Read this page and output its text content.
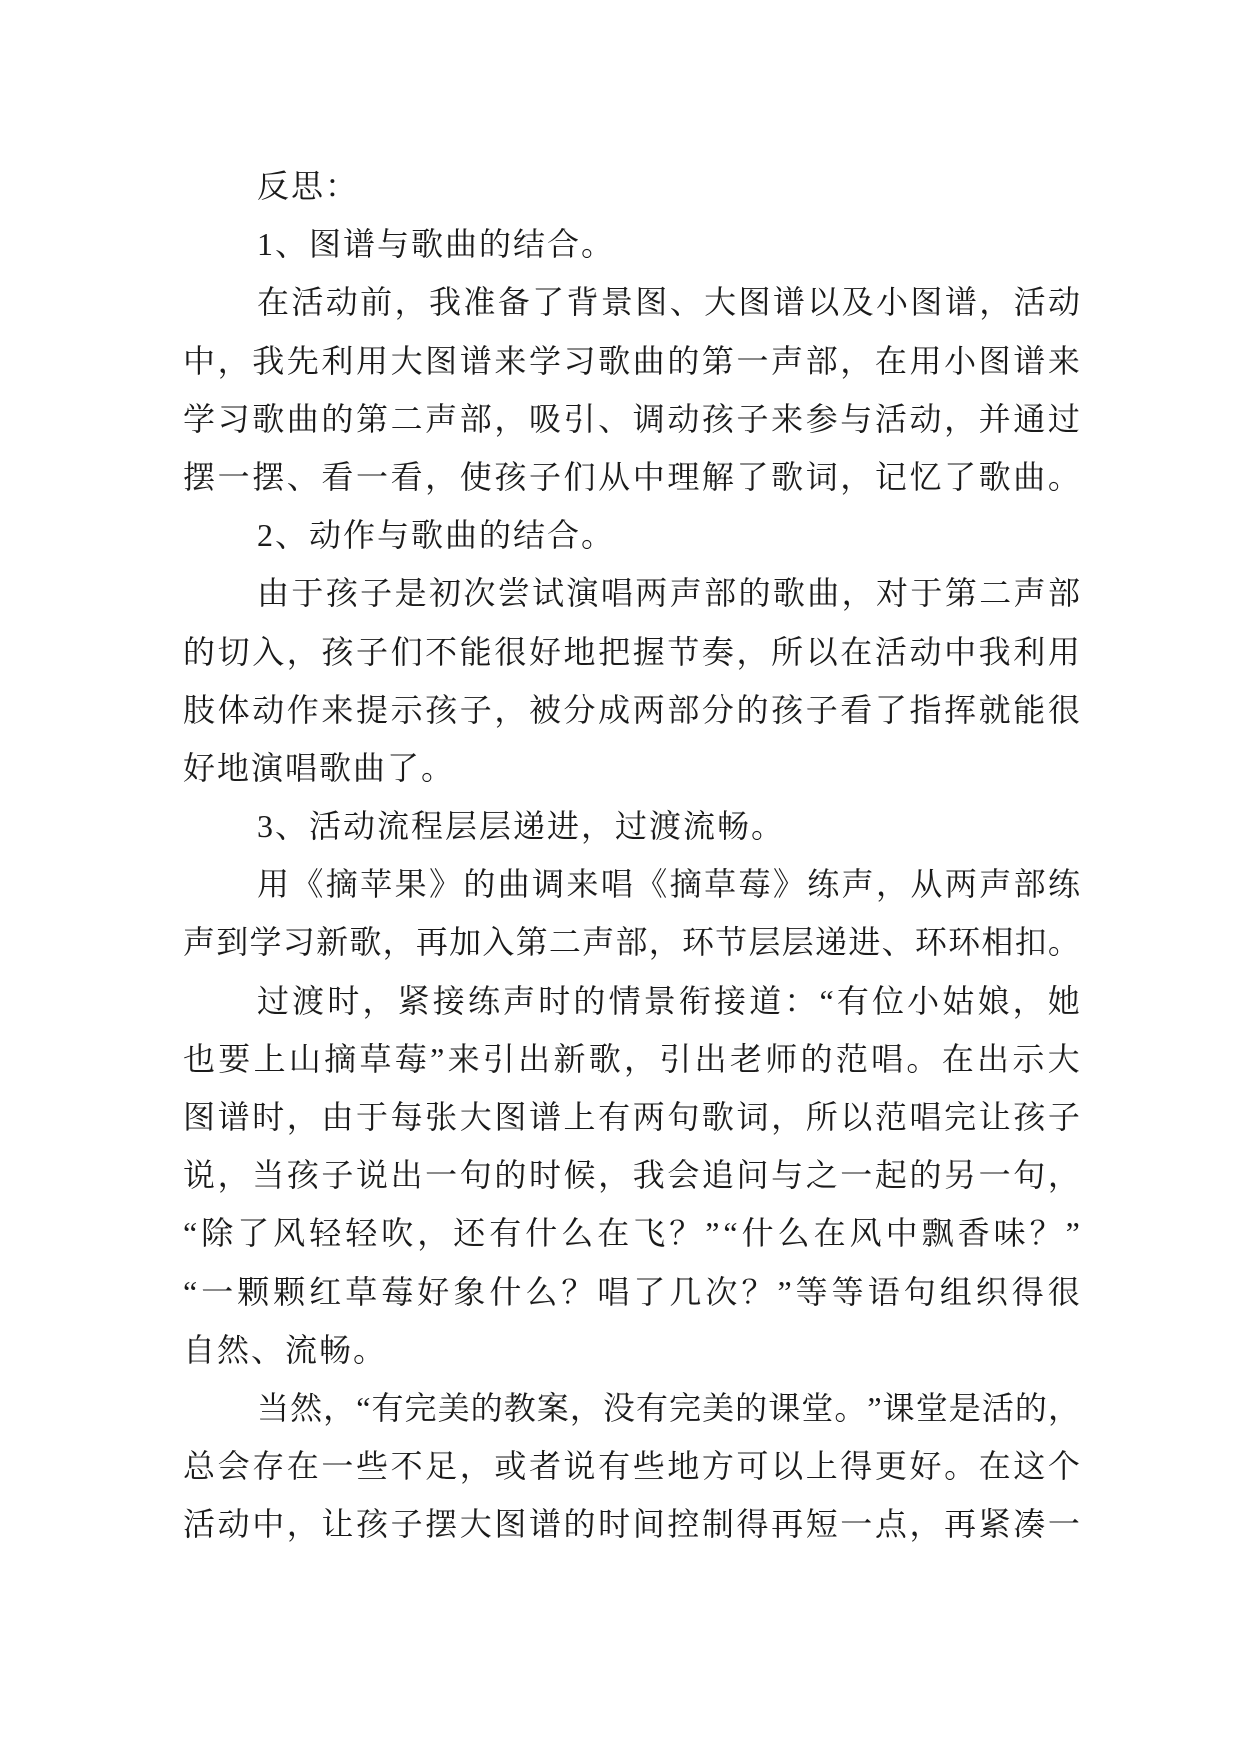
反思：
1、图谱与歌曲的结合。
在 活 动 前 ， 我 准 备 了 背 景 图 、 大 图 谱 以 及 小 图 谱 ， 活 动
中 ， 我 先 利 用 大 图 谱 来 学 习 歌 曲 的 第 一 声 部 ， 在 用 小 图 谱 来
学 习 歌 曲 的 第 二 声 部 ， 吸 引 、 调 动 孩 子 来 参 与 活 动 ， 并 通 过
摆 一 摆 、 看 一 看 ， 使 孩 子 们 从 中 理 解 了 歌 词 ， 记 忆 了 歌 曲 。
2、动作与歌曲的结合。
由 于 孩 子 是 初 次 尝 试 演 唱 两 声 部 的 歌 曲 ， 对 于 第 二 声 部
的 切 入 ， 孩 子 们 不 能 很 好 地 把 握 节 奏 ， 所 以 在 活 动 中 我 利 用
肢 体 动 作 来 提 示 孩 子 ， 被 分 成 两 部 分 的 孩 子 看 了 指 挥 就 能 很
好地演唱歌曲了。
3、活动流程层层递进，过渡流畅。
用 《 摘 苹 果 》 的 曲 调 来 唱 《 摘 草 莓 》 练 声 ， 从 两 声 部 练
声 到 学 习 新 歌 ， 再 加 入 第 二 声 部 ， 环 节 层 层 递 进 、 环 环 相 扣 。
过 渡 时 ， 紧 接 练 声 时 的 情 景 衔 接 道 ： “ 有 位 小 姑 娘 ， 她
也 要 上 山 摘 草 莓 ” 来 引 出 新 歌 ， 引 出 老 师 的 范 唱 。 在 出 示 大
图 谱 时 ， 由 于 每 张 大 图 谱 上 有 两 句 歌 词 ， 所 以 范 唱 完 让 孩 子
说 ， 当 孩 子 说 出 一 句 的 时 候 ， 我 会 追 问 与 之 一 起 的 另 一 句 ，
“ 除 了 风 轻 轻 吹 ， 还 有 什 么 在 飞 ？ ” “ 什 么 在 风 中 飘 香 味 ？ ”
“ 一 颗 颗 红 草 莓 好 象 什 么 ？ 唱 了 几 次 ？ ” 等 等 语 句 组 织 得 很
自然、流畅。
当 然 ， “ 有 完 美 的 教 案 ， 没 有 完 美 的 课 堂 。 ” 课 堂 是 活 的 ，
总 会 存 在 一 些 不 足 ， 或 者 说 有 些 地 方 可 以 上 得 更 好 。 在 这 个
活 动 中 ， 让 孩 子 摆 大 图 谱 的 时 间 控 制 得 再 短 一 点 ， 再 紧 凑 一
